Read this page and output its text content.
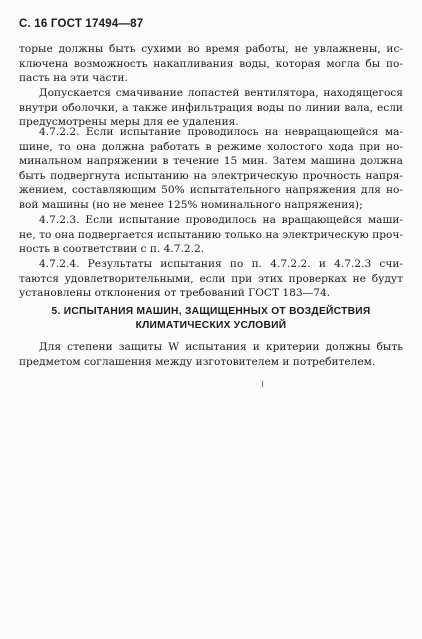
С. 16 ГОСТ 17494—87
торые должны быть сухими во время работы, не увлажнены, ис-
ключена возможность накапливания воды, которая могла бы по-
пасть на эти части.
Допускается смачивание лопастей вентилятора, находящегося
внутри оболочки, а также инфильтрация воды по линии вала, если
предусмотрены меры для ее удаления.
4.7.2.2. Если испытание проводилось на невращающейся ма-
шине, то она должна работать в режиме холостого хода при но-
минальном напряжении в течение 15 мин. Затем машина должна
быть подвергнута испытанию на электрическую прочность напря-
жением, составляющим 50% испытательного напряжения для но-
вой машины (но не менее 125% номинального напряжения);
4.7.2.3. Если испытание проводилось на вращающейся маши-
не, то она подвергается испытанию только на электрическую проч-
ность в соответствии с п. 4.7.2.2.
4.7.2.4. Результаты испытания по п. 4.7.2.2. и 4.7.2.3 счи-
таются удовлетворительными, если при этих проверках не будут
установлены отклонения от требований ГОСТ 183—74.
5. ИСПЫТАНИЯ МАШИН, ЗАЩИЩЕННЫХ ОТ ВОЗДЕЙСТВИЯ
КЛИМАТИЧЕСКИХ УСЛОВИЙ
Для степени защиты W испытания и критерии должны быть
предметом соглашения между изготовителем и потребителем.
